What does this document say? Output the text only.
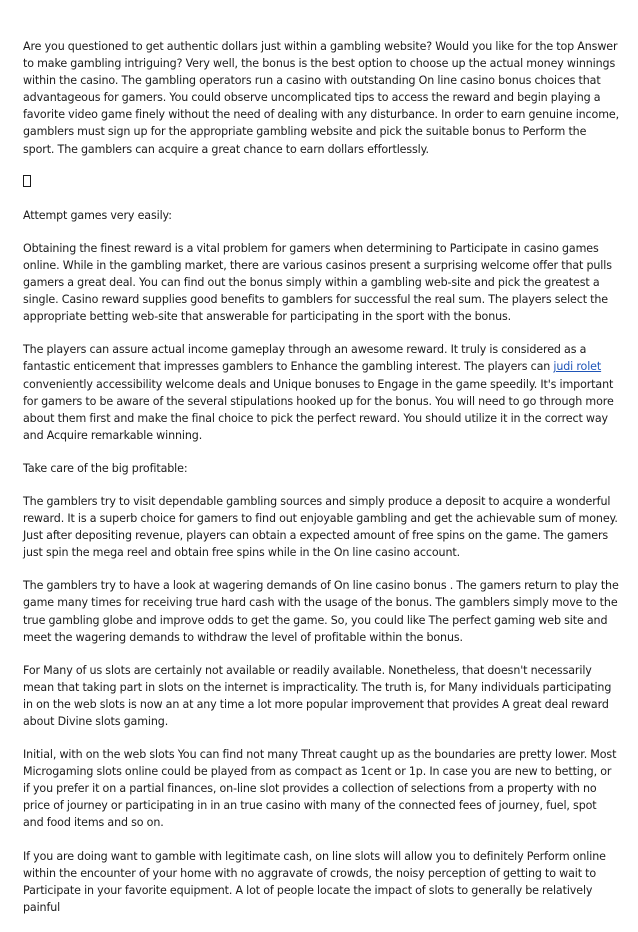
Are you questioned to get authentic dollars just within a gambling website? Would you like for the top Answer to make gambling intriguing? Very well, the bonus is the best option to choose up the actual money winnings within the casino. The gambling operators run a casino with outstanding On line casino bonus choices that advantageous for gamers. You could observe uncomplicated tips to access the reward and begin playing a favorite video game finely without the need of dealing with any disturbance. In order to earn genuine income, gamblers must sign up for the appropriate gambling website and pick the suitable bonus to Perform the sport. The gamblers can acquire a great chance to earn dollars effortlessly.

Attempt games very easily:

Obtaining the finest reward is a vital problem for gamers when determining to Participate in casino games online. While in the gambling market, there are various casinos present a surprising welcome offer that pulls gamers a great deal. You can find out the bonus simply within a gambling web-site and pick the greatest a single. Casino reward supplies good benefits to gamblers for successful the real sum. The players select the appropriate betting web-site that answerable for participating in the sport with the bonus.

The players can assure actual income gameplay through an awesome reward. It truly is considered as a fantastic enticement that impresses gamblers to Enhance the gambling interest. The players can judi rolet conveniently accessibility welcome deals and Unique bonuses to Engage in the game speedily. It's important for gamers to be aware of the several stipulations hooked up for the bonus. You will need to go through more about them first and make the final choice to pick the perfect reward. You should utilize it in the correct way and Acquire remarkable winning.

Take care of the big profitable:

The gamblers try to visit dependable gambling sources and simply produce a deposit to acquire a wonderful reward. It is a superb choice for gamers to find out enjoyable gambling and get the achievable sum of money. Just after depositing revenue, players can obtain a expected amount of free spins on the game. The gamers just spin the mega reel and obtain free spins while in the On line casino account.

The gamblers try to have a look at wagering demands of On line casino bonus . The gamers return to play the game many times for receiving true hard cash with the usage of the bonus. The gamblers simply move to the true gambling globe and improve odds to get the game. So, you could like The perfect gaming web site and meet the wagering demands to withdraw the level of profitable within the bonus.

For Many of us slots are certainly not available or readily available. Nonetheless, that doesn't necessarily mean that taking part in slots on the internet is impracticality. The truth is, for Many individuals participating in on the web slots is now an at any time a lot more popular improvement that provides A great deal reward about Divine slots gaming.

Initial, with on the web slots You can find not many Threat caught up as the boundaries are pretty lower. Most Microgaming slots online could be played from as compact as 1cent or 1p. In case you are new to betting, or if you prefer it on a partial finances, on-line slot provides a collection of selections from a property with no price of journey or participating in in an true casino with many of the connected fees of journey, fuel, spot and food items and so on.

If you are doing want to gamble with legitimate cash, on line slots will allow you to definitely Perform online within the encounter of your home with no aggravate of crowds, the noisy perception of getting to wait to Participate in your favorite equipment. A lot of people locate the impact of slots to generally be relatively painful
